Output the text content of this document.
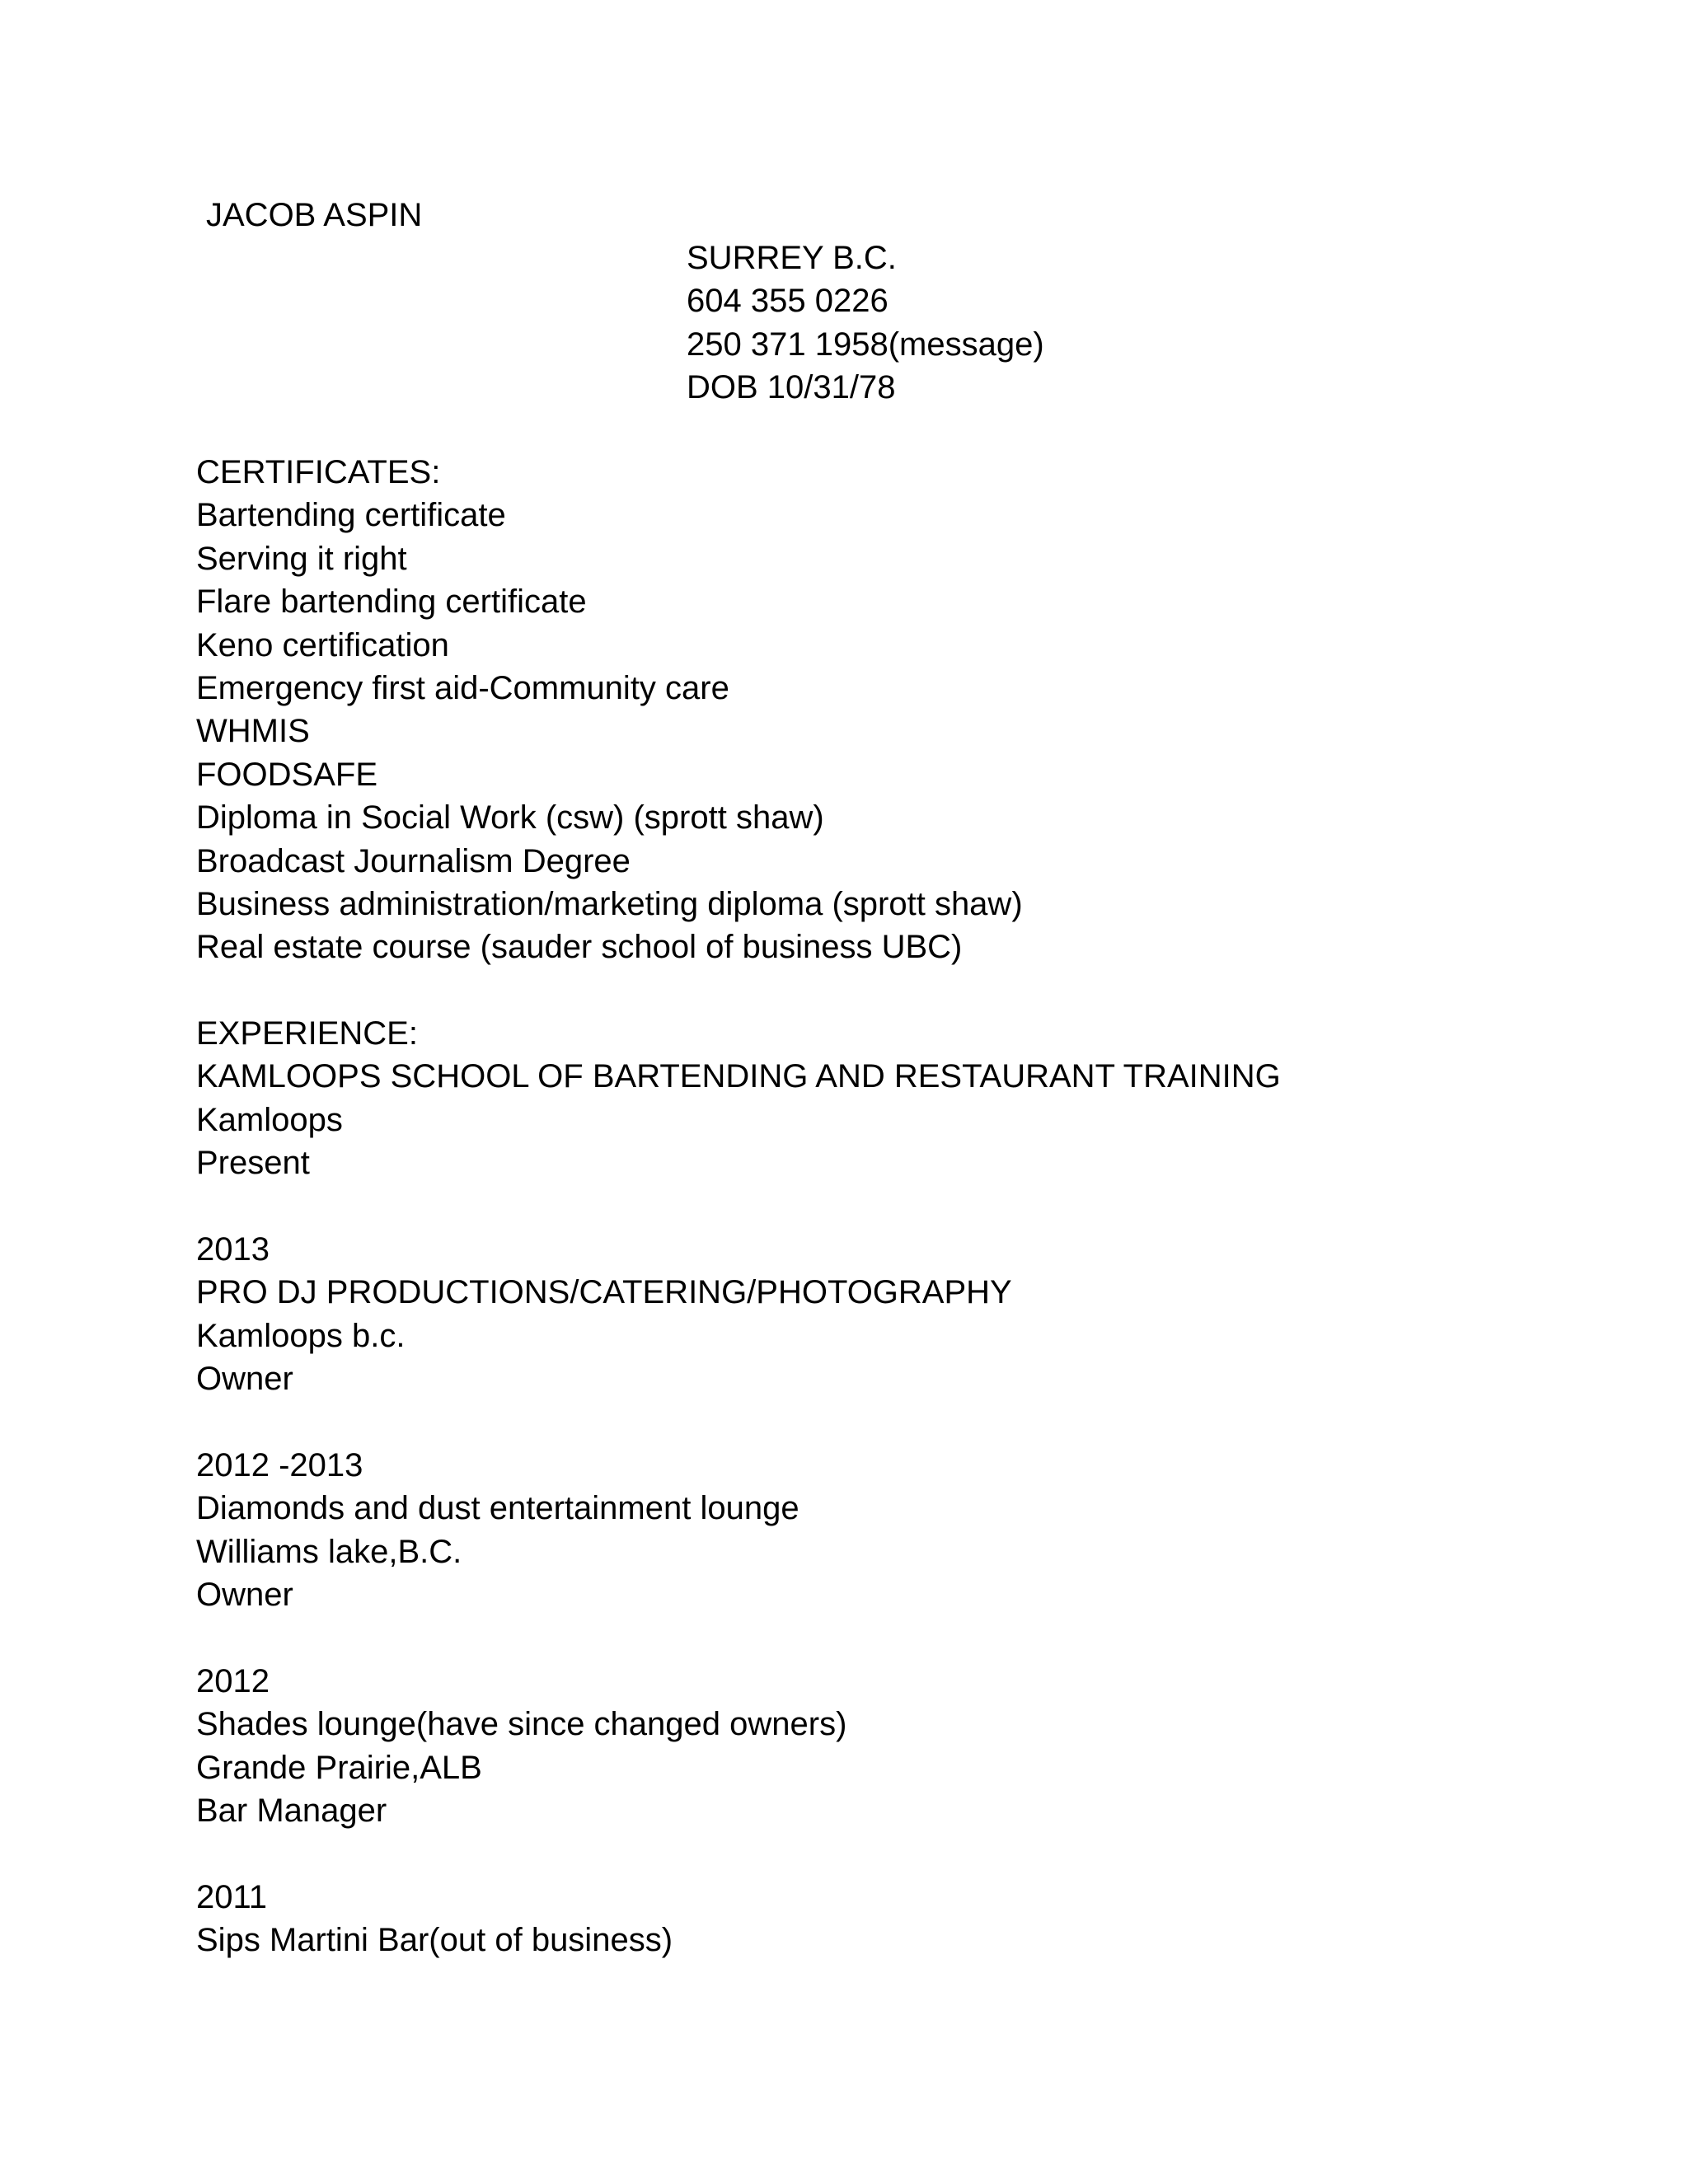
JACOB ASPIN
SURREY B.C.
604 355 0226
250 371 1958(message)
DOB 10/31/78
CERTIFICATES:
Bartending certificate
Serving it right
Flare bartending certificate
Keno certification
Emergency first aid-Community care
WHMIS
FOODSAFE
Diploma in Social Work (csw) (sprott shaw)
Broadcast Journalism Degree
Business administration/marketing diploma (sprott shaw)
Real estate course (sauder school of business UBC)
EXPERIENCE:
KAMLOOPS SCHOOL OF BARTENDING AND RESTAURANT TRAINING
Kamloops
Present
2013
PRO DJ PRODUCTIONS/CATERING/PHOTOGRAPHY
Kamloops b.c.
Owner
2012 -2013
Diamonds and dust entertainment lounge
Williams lake,B.C.
Owner
2012
Shades lounge(have since changed owners)
Grande Prairie,ALB
Bar Manager
2011
Sips Martini Bar(out of business)
